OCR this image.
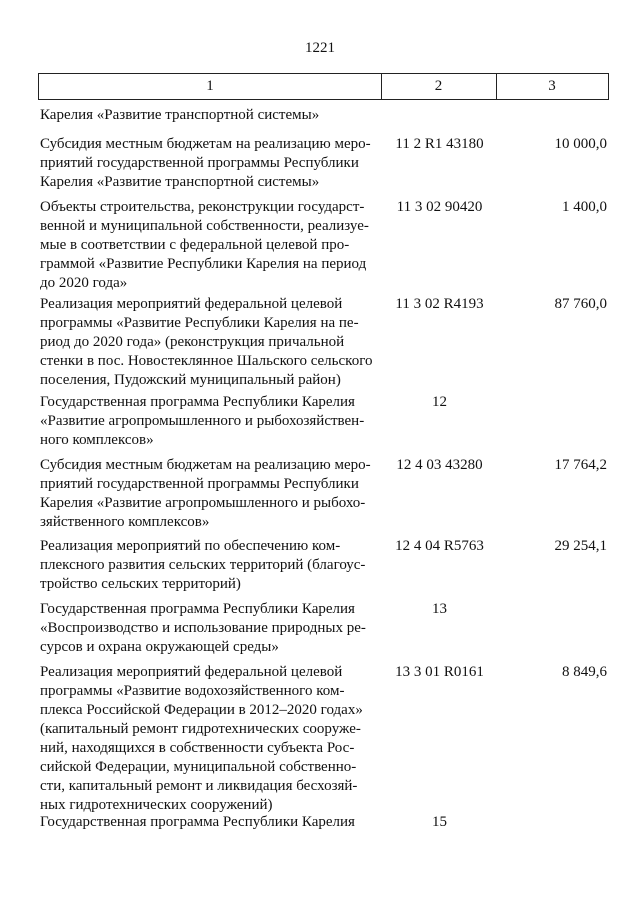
1221
1	2	3
Карелия «Развитие транспортной системы»
Субсидия местным бюджетам на реализацию меро-
приятий государственной программы Республики
Карелия «Развитие транспортной системы»
11 2 R1 43180	10 000,0
Объекты строительства, реконструкции государст-
венной и муниципальной собственности, реализуе-
мые в соответствии с федеральной целевой про-
граммой «Развитие Республики Карелия на период
до 2020 года»
11 3 02 90420	1 400,0
Реализация мероприятий федеральной целевой
программы «Развитие Республики Карелия на пе-
риод до 2020 года» (реконструкция причальной
стенки в пос. Новостеклянное Шальского сельского
поселения, Пудожский муниципальный район)
11 3 02 R4193	87 760,0
Государственная программа Республики Карелия
«Развитие агропромышленного и рыбохозяйствен-
ного комплексов»
12
Субсидия местным бюджетам на реализацию меро-
приятий государственной программы Республики
Карелия «Развитие агропромышленного и рыбохо-
зяйственного комплексов»
12 4 03 43280	17 764,2
Реализация мероприятий по обеспечению ком-
плексного развития сельских территорий (благоус-
тройство сельских территорий)
12 4 04 R5763	29 254,1
Государственная программа Республики Карелия
«Воспроизводство и использование природных ре-
сурсов и охрана окружающей среды»
13
Реализация мероприятий федеральной целевой
программы «Развитие водохозяйственного ком-
плекса Российской Федерации в 2012–2020 годах»
(капитальный ремонт гидротехнических сооруже-
ний, находящихся в собственности субъекта Рос-
сийской Федерации, муниципальной собственно-
сти, капитальный ремонт и ликвидация бесхозяй-
ных гидротехнических сооружений)
13 3 01 R0161	8 849,6
Государственная программа Республики Карелия	15
